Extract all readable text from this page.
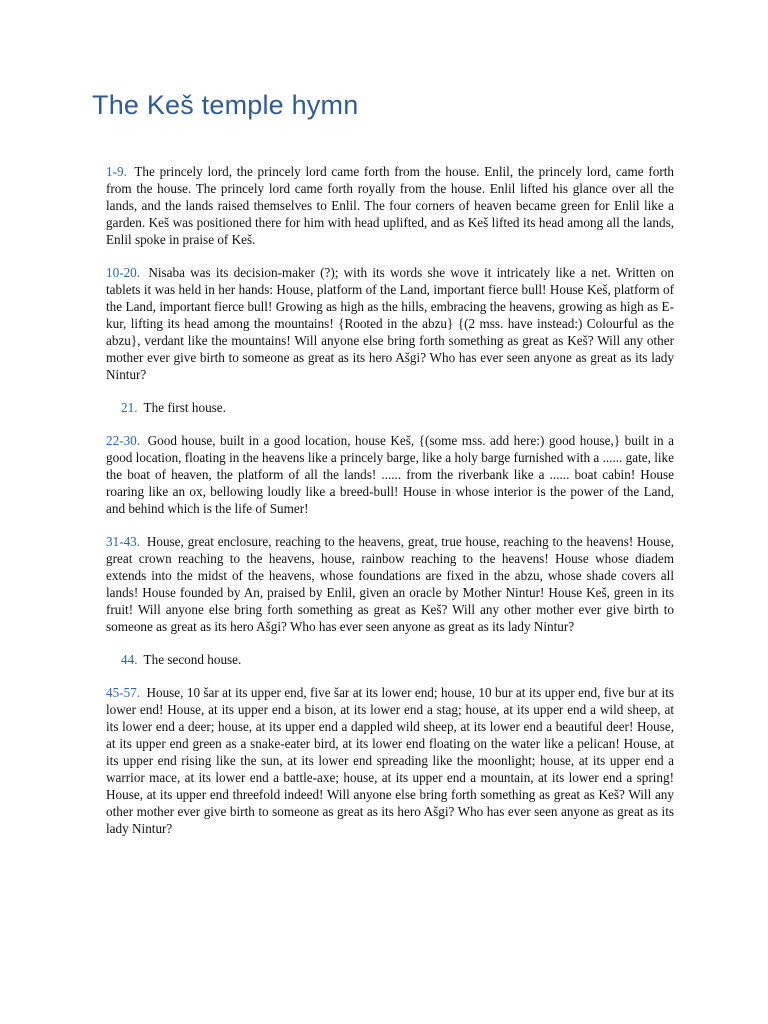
The Keš temple hymn

1-9. The princely lord, the princely lord came forth from the house. Enlil, the princely lord, came forth from the house. The princely lord came forth royally from the house. Enlil lifted his glance over all the lands, and the lands raised themselves to Enlil. The four corners of heaven became green for Enlil like a garden. Keš was positioned there for him with head uplifted, and as Keš lifted its head among all the lands, Enlil spoke in praise of Keš.

10-20. Nisaba was its decision-maker (?); with its words she wove it intricately like a net. Written on tablets it was held in her hands: House, platform of the Land, important fierce bull! House Keš, platform of the Land, important fierce bull! Growing as high as the hills, embracing the heavens, growing as high as E-kur, lifting its head among the mountains! {Rooted in the abzu} {(2 mss. have instead:) Colourful as the abzu}, verdant like the mountains! Will anyone else bring forth something as great as Keš? Will any other mother ever give birth to someone as great as its hero Ašgi? Who has ever seen anyone as great as its lady Nintur?

21. The first house.

22-30. Good house, built in a good location, house Keš, {(some mss. add here:) good house,} built in a good location, floating in the heavens like a princely barge, like a holy barge furnished with a ...... gate, like the boat of heaven, the platform of all the lands! ...... from the riverbank like a ...... boat cabin! House roaring like an ox, bellowing loudly like a breed-bull! House in whose interior is the power of the Land, and behind which is the life of Sumer!

31-43. House, great enclosure, reaching to the heavens, great, true house, reaching to the heavens! House, great crown reaching to the heavens, house, rainbow reaching to the heavens! House whose diadem extends into the midst of the heavens, whose foundations are fixed in the abzu, whose shade covers all lands! House founded by An, praised by Enlil, given an oracle by Mother Nintur! House Keš, green in its fruit! Will anyone else bring forth something as great as Keš? Will any other mother ever give birth to someone as great as its hero Ašgi? Who has ever seen anyone as great as its lady Nintur?

44. The second house.

45-57. House, 10 šar at its upper end, five šar at its lower end; house, 10 bur at its upper end, five bur at its lower end! House, at its upper end a bison, at its lower end a stag; house, at its upper end a wild sheep, at its lower end a deer; house, at its upper end a dappled wild sheep, at its lower end a beautiful deer! House, at its upper end green as a snake-eater bird, at its lower end floating on the water like a pelican! House, at its upper end rising like the sun, at its lower end spreading like the moonlight; house, at its upper end a warrior mace, at its lower end a battle-axe; house, at its upper end a mountain, at its lower end a spring! House, at its upper end threefold indeed! Will anyone else bring forth something as great as Keš? Will any other mother ever give birth to someone as great as its hero Ašgi? Who has ever seen anyone as great as its lady Nintur?
